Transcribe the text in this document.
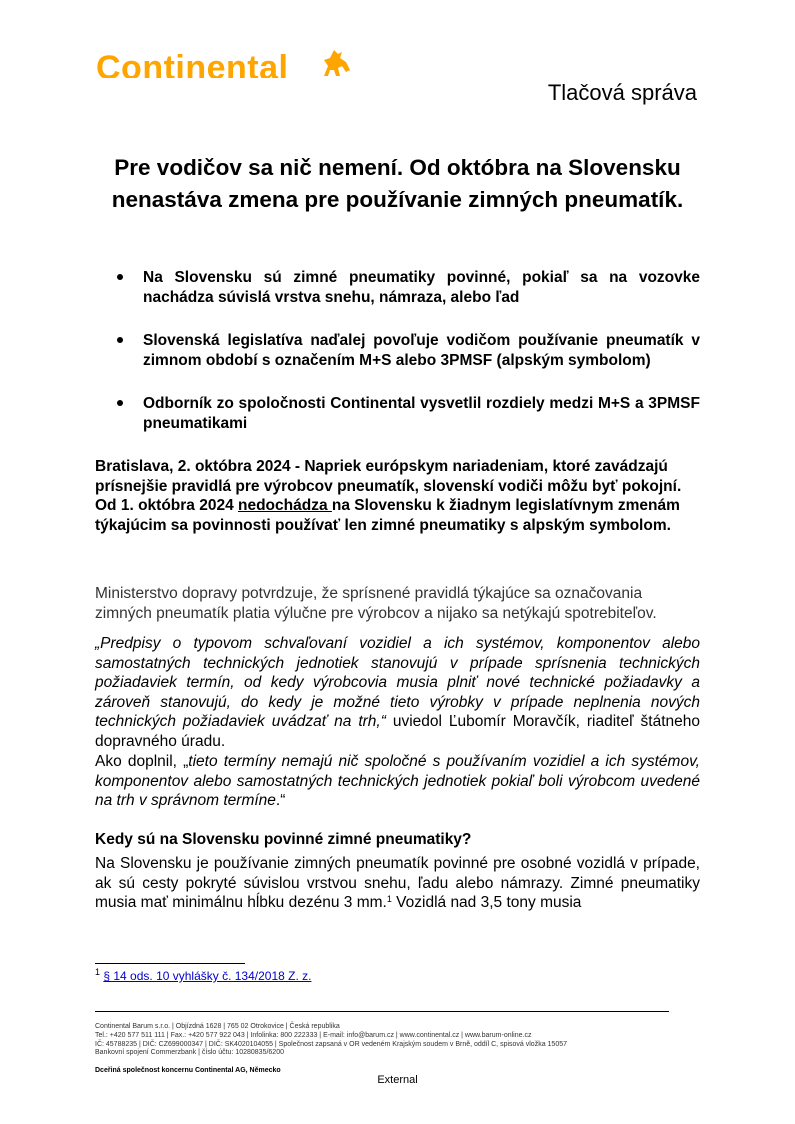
Continental
Tlačová správa
Pre vodičov sa nič nemení. Od októbra na Slovensku nenastáva zmena pre používanie zimných pneumatík.
Na Slovensku sú zimné pneumatiky povinné, pokiaľ sa na vozovke nachádza súvislá vrstva snehu, námraza, alebo ľad
Slovenská legislatíva naďalej povoľuje vodičom používanie pneumatík v zimnom období s označením M+S alebo 3PMSF (alpským symbolom)
Odborník zo spoločnosti Continental vysvetlil rozdiely medzi M+S a 3PMSF pneumatikami

Bratislava, 2. októbra 2024 - Napriek európskym nariadeniam, ktoré zavádzajú prísnejšie pravidlá pre výrobcov pneumatík, slovenskí vodiči môžu byť pokojní. Od 1. októbra 2024 nedochádza na Slovensku k žiadnym legislatívnym zmenám týkajúcim sa povinnosti používať len zimné pneumatiky s alpským symbolom.

Ministerstvo dopravy potvrdzuje, že sprísnené pravidlá týkajúce sa označovania zimných pneumatík platia výlučne pre výrobcov a nijako sa netýkajú spotrebiteľov.

„Predpisy o typovom schvaľovaní vozidiel a ich systémov, komponentov alebo samostatných technických jednotiek stanovujú v prípade sprísnenia technických požiadaviek termín, od kedy výrobcovia musia plniť nové technické požiadavky a zároveň stanovujú, do kedy je možné tieto výrobky v prípade neplnenia nových technických požiadaviek uvádzať na trh,“ uviedol Ľubomír Moravčík, riaditeľ štátneho dopravného úradu.

Ako doplnil, „tieto termíny nemajú nič spoločné s používaním vozidiel a ich systémov, komponentov alebo samostatných technických jednotiek pokiaľ boli výrobcom uvedené na trh v správnom termíne.“

Kedy sú na Slovensku povinné zimné pneumatiky?

Na Slovensku je používanie zimných pneumatík povinné pre osobné vozidlá v prípade, ak sú cesty pokryté súvislou vrstvou snehu, ľadu alebo námrazy. Zimné pneumatiky musia mať minimálnu hĺbku dezénu 3 mm.$^1$ Vozidlá nad 3,5 tony musia

$^1$ § 14 ods. 10 vyhlášky č. 134/2018 Z. z.
Continental Barum s.r.o. | Objízdná 1628 | 765 02 Otrokovice | Česká republika
Tel.: +420 577 511 111 | Fax.: +420 577 922 043 | Infolinka: 800 222333 | E-mail: info@barum.cz | www.continental.cz | www.barum-online.cz
IČ: 45788235 | DIČ: CZ699000347 | DIČ: SK4020104055 | Společnost zapsaná v OR vedeném Krajským soudem v Brně, oddíl C, spisová vložka 15057
Bankovní spojení Commerzbank | číslo účtu: 10280835/6200
Dceřiná společnost koncernu Continental AG, Německo
External
